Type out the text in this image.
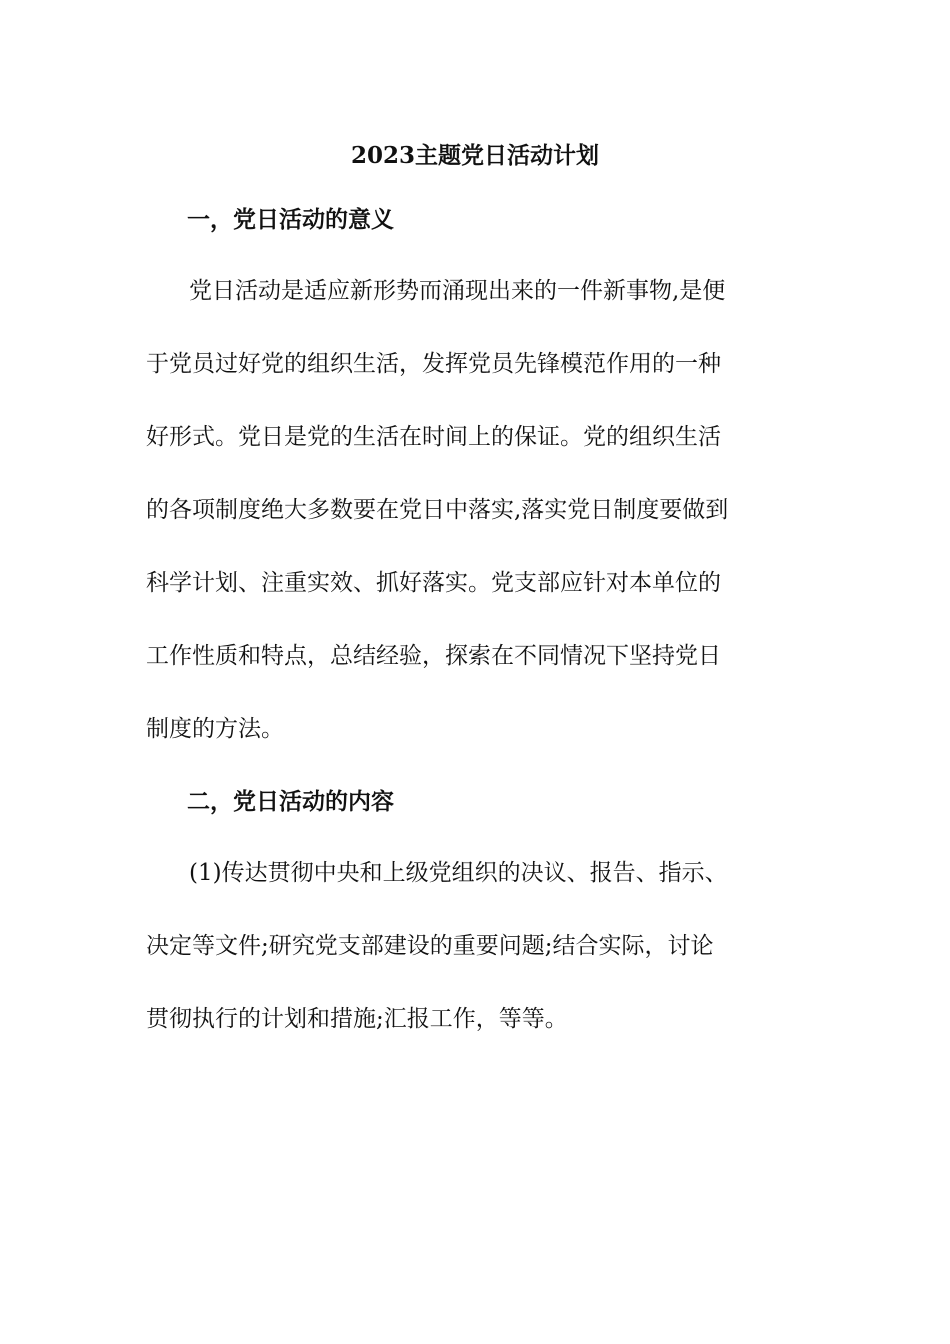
2023主题党日活动计划
一，党日活动的意义

党日活动是适应新形势而涌现出来的一件新事物,是便

于党员过好党的组织生活，发挥党员先锋模范作用的一种

好形式。党日是党的生活在时间上的保证。党的组织生活

的各项制度绝大多数要在党日中落实,落实党日制度要做到

科学计划、注重实效、抓好落实。党支部应针对本单位的

工作性质和特点，总结经验，探索在不同情况下坚持党日

制度的方法。

二，党日活动的内容

(1)传达贯彻中央和上级党组织的决议、报告、指示、

决定等文件;研究党支部建设的重要问题;结合实际，讨论

贯彻执行的计划和措施;汇报工作，等等。
